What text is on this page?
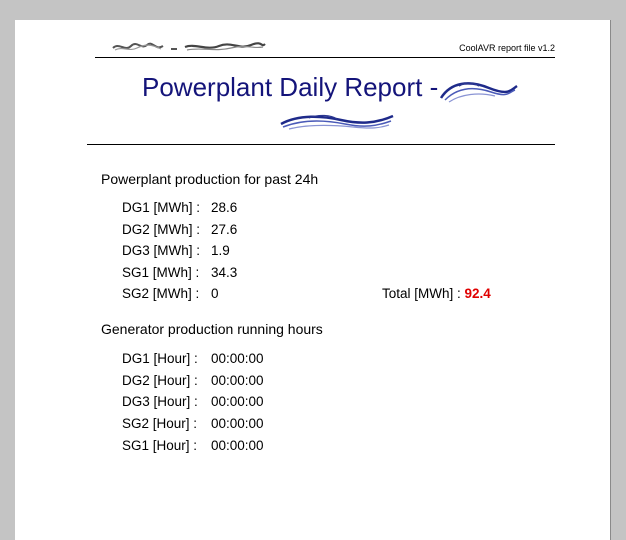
CoolAVR report file v1.2
Powerplant Daily Report -
Powerplant production for past 24h
DG1 [MWh] : 28.6
DG2 [MWh] : 27.6
DG3 [MWh] : 1.9
SG1 [MWh] : 34.3
SG2 [MWh] : 0	Total [MWh] : 92.4
Generator production running hours
DG1 [Hour] : 00:00:00
DG2 [Hour] : 00:00:00
DG3 [Hour] : 00:00:00
SG2 [Hour] : 00:00:00
SG1 [Hour] : 00:00:00
